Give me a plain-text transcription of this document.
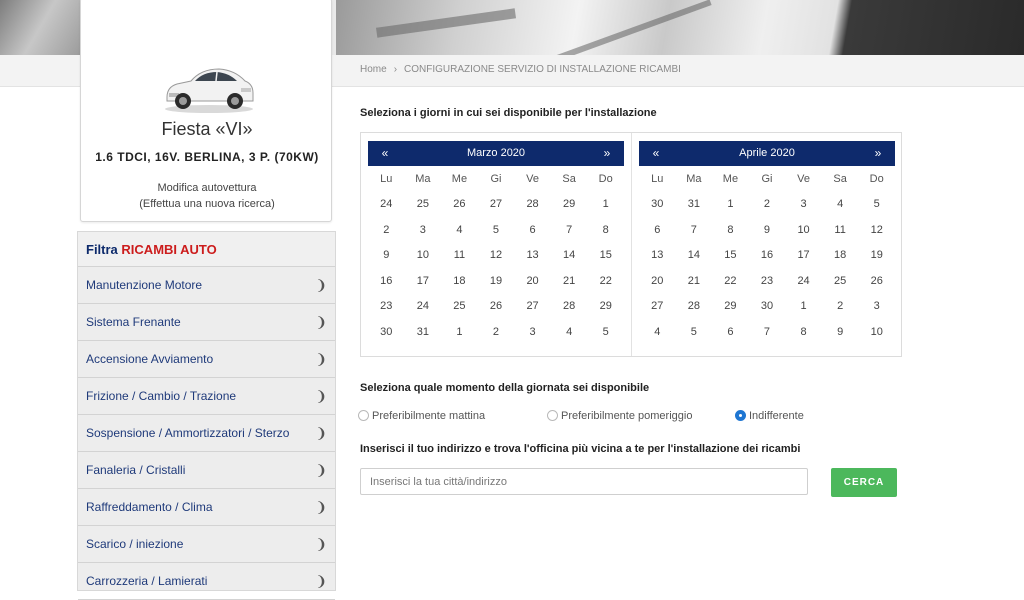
Home › CONFIGURAZIONE SERVIZIO DI INSTALLAZIONE RICAMBI
Fiesta «VI»
1.6 TDCI, 16V. BERLINA, 3 P. (70KW)
Modifica autovettura
(Effettua una nuova ricerca)
Filtra RICAMBI AUTO
Manutenzione Motore	❩
Sistema Frenante	❩
Accensione Avviamento	❩
Frizione / Cambio / Trazione	❩
Sospensione / Ammortizzatori / Sterzo ❩
Fanaleria / Cristalli	❩
Raffreddamento / Clima	❩
Scarico / iniezione	❩
Carrozzeria / Lamierati	❩
Seleziona i giorni in cui sei disponibile per l'installazione
«	Marzo 2020	»
Lu	Ma	Me	Gi	Ve	Sa	Do
24	25	26	27	28	29	1
2	3	4	5	6	7	8
9	10	11	12	13	14	15
16	17	18	19	20	21	22
23	24	25	26	27	28	29
30	31	1	2	3	4	5
«	Aprile 2020	»
Lu	Ma	Me	Gi	Ve	Sa	Do
30	31	1	2	3	4	5
6	7	8	9	10	11	12
13	14	15	16	17	18	19
20	21	22	23	24	25	26
27	28	29	30	1	2	3
4	5	6	7	8	9	10
Seleziona quale momento della giornata sei disponibile
Preferibilmente mattina	Preferibilmente pomeriggio	Indifferente
Inserisci il tuo indirizzo e trova l'officina più vicina a te per l'installazione dei ricambi
Inserisci la tua città/indirizzo
CERCA
